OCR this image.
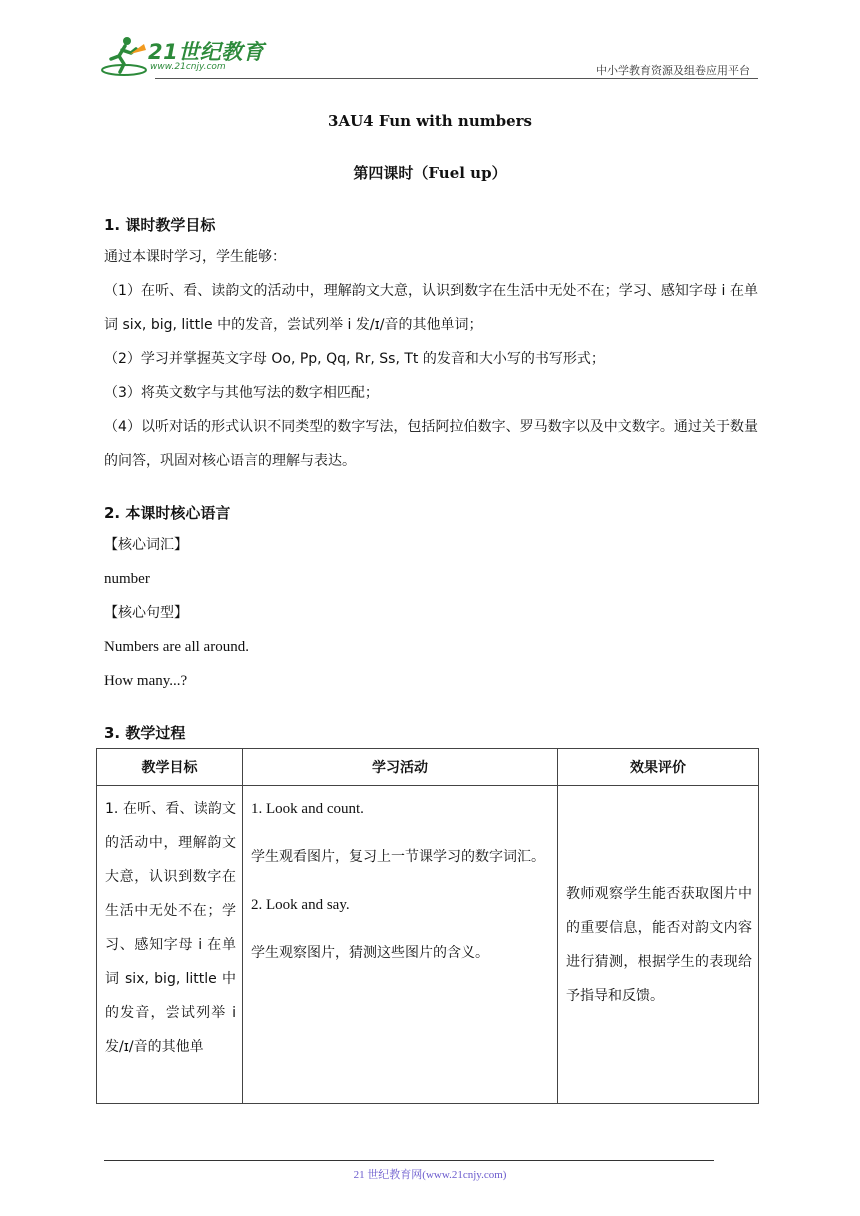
21世纪教育
www.21cnjy.com	中小学教育资源及组卷应用平台
3AU4 Fun with numbers
第四课时（Fuel up）
1. 课时教学目标
通过本课时学习，学生能够：
（1）在听、看、读韵文的活动中，理解韵文大意，认识到数字在生活中无处不在；学习、感知字母 i 在单词 six, big, little 中的发音，尝试列举 i 发/ɪ/音的其他单词；
（2）学习并掌握英文字母 Oo, Pp, Qq, Rr, Ss, Tt 的发音和大小写的书写形式；
（3）将英文数字与其他写法的数字相匹配；
（4）以听对话的形式认识不同类型的数字写法，包括阿拉伯数字、罗马数字以及中文数字。通过关于数量的问答，巩固对核心语言的理解与表达。
2. 本课时核心语言
【核心词汇】
number
【核心句型】
Numbers are all around.
How many...?
3. 教学过程
教学目标	学习活动	效果评价
1. 在听、看、读韵文的活动中，理解韵文大意，认识到数字在生活中无处不在；学习、感知字母 i 在单词 six, big, little 中的发音，尝试列举 i 发/ɪ/音的其他单	1. Look and count.
学生观看图片，复习上一节课学习的数字词汇。
2. Look and say.
学生观察图片，猜测这些图片的含义。	教师观察学生能否获取图片中的重要信息，能否对韵文内容进行猜测，根据学生的表现给予指导和反馈。
21 世纪教育网(www.21cnjy.com)
